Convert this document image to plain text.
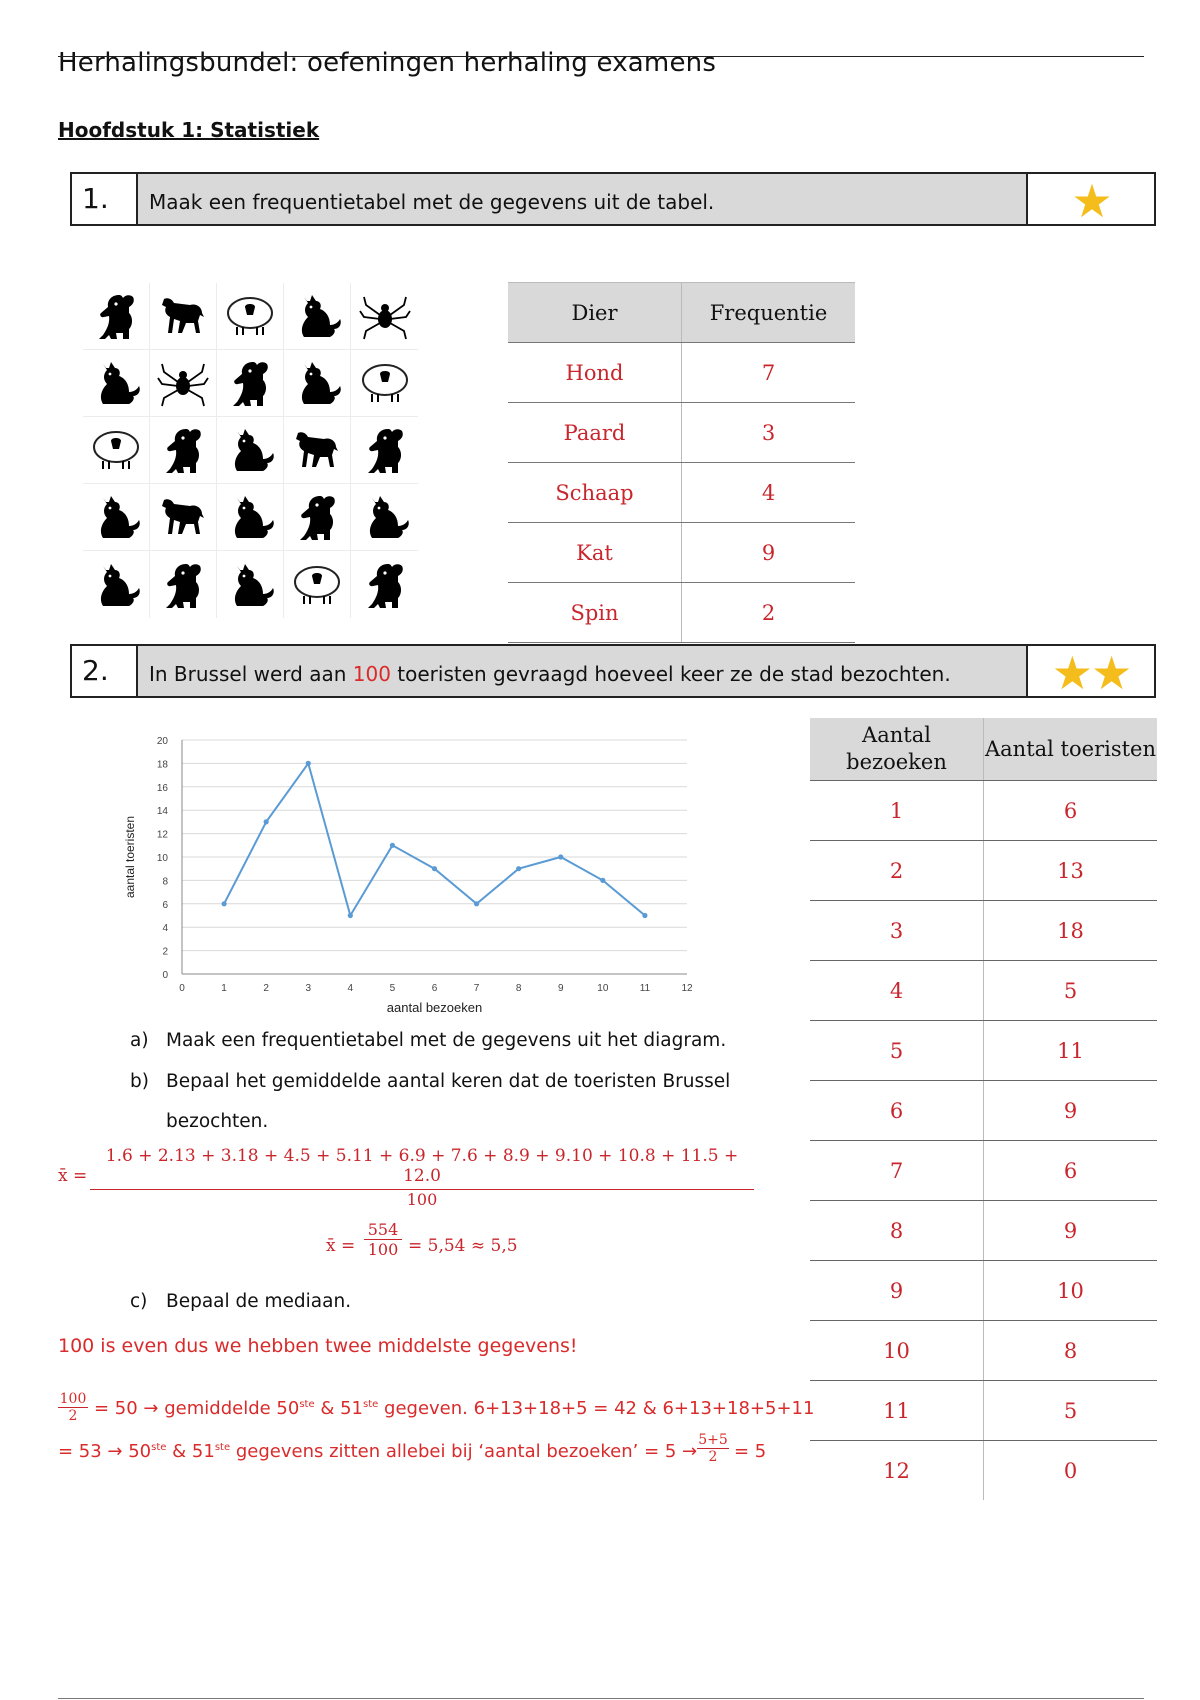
Herhalingsbundel: oefeningen herhaling examens
Hoofdstuk 1: Statistiek
1.	Maak een frequentietabel met de gegevens uit de tabel.	★
Dier	Frequentie
Hond	7
Paard	3
Schaap	4
Kat	9
Spin	2
2.	In Brussel werd aan 100 toeristen gevraagd hoeveel keer ze de stad bezochten.	★★
0
2
4
6
8
10
12
14
16
18
20
0	1	2	3	4	5	6	7	8	9	10	11	12
aantal bezoeken
aantal toeristen
Aantal bezoeken	Aantal toeristen
1	6
2	13
3	18
4	5
5	11
6	9
7	6
8	9
9	10
10	8
11	5
12	0
a) Maak een frequentietabel met de gegevens uit het diagram.
b) Bepaal het gemiddelde aantal keren dat de toeristen Brussel
bezochten.
x̄ =
1.6 + 2.13 + 3.18 + 4.5 + 5.11 + 6.9 + 7.6 + 8.9 + 9.10 + 10.8 + 11.5 + 12.0
100
x̄ =
554
100 = 5,54 ≈ 5,5
c) Bepaal de mediaan.
100 is even dus we hebben twee middelste gegevens!
100
2 = 50 → gemiddelde 50ste & 51ste gegeven. 6+13+18+5 = 42 & 6+13+18+5+11
= 53 → 50ste & 51ste gegevens zitten allebei bij ‘aantal bezoeken’ = 5 →
5+5
2 = 5
